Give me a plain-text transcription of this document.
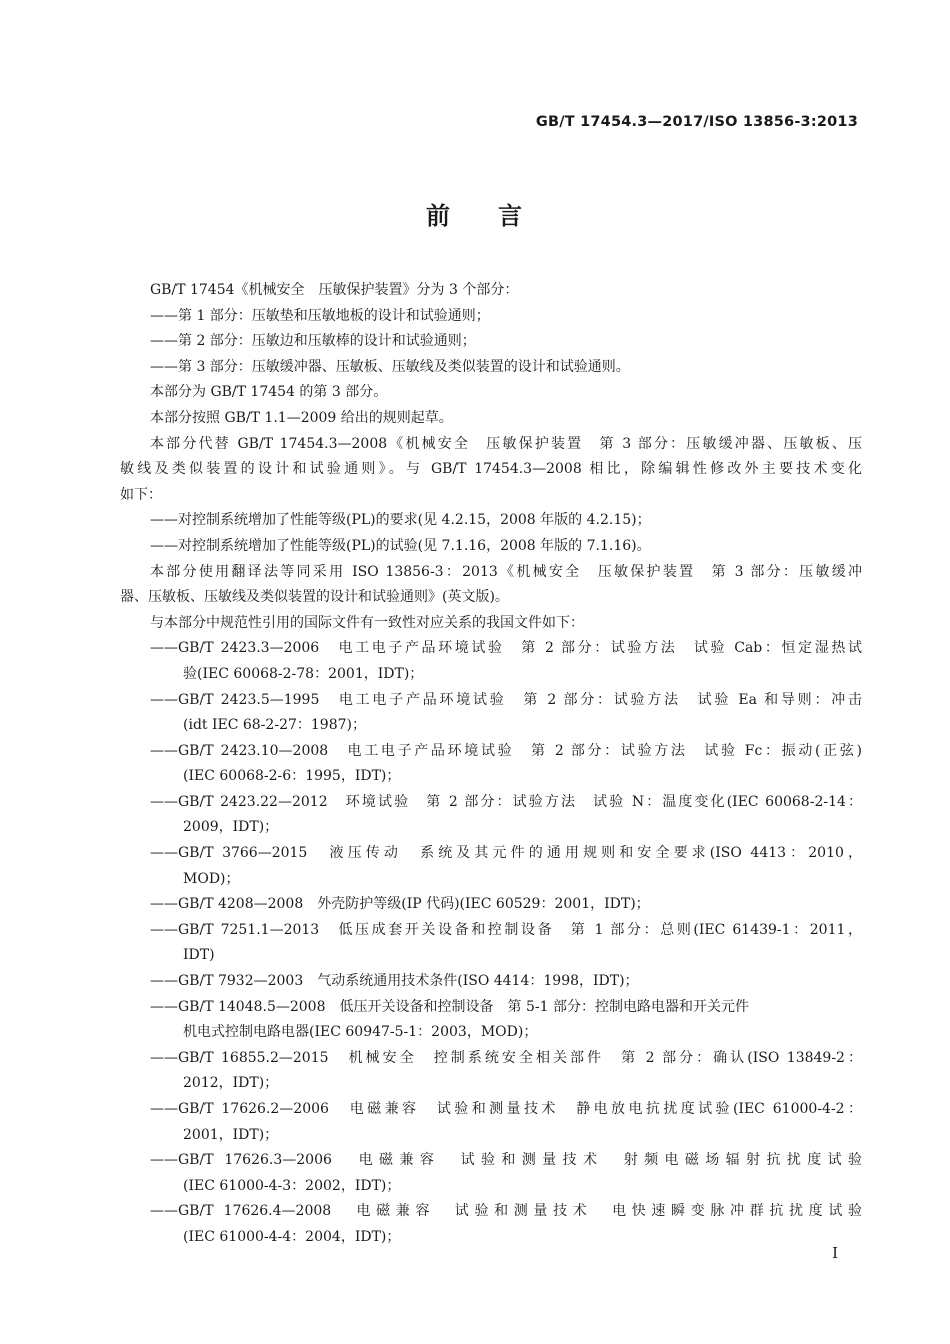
GB/T 17454.3—2017/ISO 13856-3:2013
前 言
GB/T 17454《机械安全　压敏保护装置》分为 3 个部分：
——第 1 部分：压敏垫和压敏地板的设计和试验通则；
——第 2 部分：压敏边和压敏棒的设计和试验通则；
——第 3 部分：压敏缓冲器、压敏板、压敏线及类似装置的设计和试验通则。
本部分为 GB/T 17454 的第 3 部分。
本部分按照 GB/T 1.1—2009 给出的规则起草。
本部分代替 GB/T 17454.3—2008《机械安全　压敏保护装置　第 3 部分：压敏缓冲器、压敏板、压
敏线及类似装置的设计和试验通则》。与 GB/T 17454.3—2008 相比，除编辑性修改外主要技术变化
如下：
——对控制系统增加了性能等级(PL)的要求(见 4.2.15，2008 年版的 4.2.15)；
——对控制系统增加了性能等级(PL)的试验(见 7.1.16，2008 年版的 7.1.16)。
本部分使用翻译法等同采用 ISO 13856-3：2013《机械安全　压敏保护装置　第 3 部分：压敏缓冲
器、压敏板、压敏线及类似装置的设计和试验通则》(英文版)。
与本部分中规范性引用的国际文件有一致性对应关系的我国文件如下：
——GB/T 2423.3—2006　电工电子产品环境试验　第 2 部分：试验方法　试验 Cab：恒定湿热试
验(IEC 60068-2-78：2001，IDT)；
——GB/T 2423.5—1995　电工电子产品环境试验　第 2 部分：试验方法　试验 Ea 和导则：冲击
(idt IEC 68-2-27：1987)；
——GB/T 2423.10—2008　电工电子产品环境试验　第 2 部分：试验方法　试验 Fc：振动(正弦)
(IEC 60068-2-6：1995，IDT)；
——GB/T 2423.22—2012　环境试验　第 2 部分：试验方法　试验 N：温度变化(IEC 60068-2-14：
2009，IDT)；
——GB/T 3766—2015　液压传动　系统及其元件的通用规则和安全要求(ISO 4413：2010，
MOD)；
——GB/T 4208—2008　外壳防护等级(IP 代码)(IEC 60529：2001，IDT)；
——GB/T 7251.1—2013　低压成套开关设备和控制设备　第 1 部分：总则(IEC 61439-1：2011，
IDT)
——GB/T 7932—2003　气动系统通用技术条件(ISO 4414：1998，IDT)；
——GB/T 14048.5—2008　低压开关设备和控制设备　第 5-1 部分：控制电路电器和开关元件
机电式控制电路电器(IEC 60947-5-1：2003，MOD)；
——GB/T 16855.2—2015　机械安全　控制系统安全相关部件　第 2 部分：确认(ISO 13849-2：
2012，IDT)；
——GB/T 17626.2—2006　电磁兼容　试验和测量技术　静电放电抗扰度试验(IEC 61000-4-2：
2001，IDT)；
——GB/T 17626.3—2006　电磁兼容　试验和测量技术　射频电磁场辐射抗扰度试验
(IEC 61000-4-3：2002，IDT)；
——GB/T 17626.4—2008　电磁兼容　试验和测量技术　电快速瞬变脉冲群抗扰度试验
(IEC 61000-4-4：2004，IDT)；
I
